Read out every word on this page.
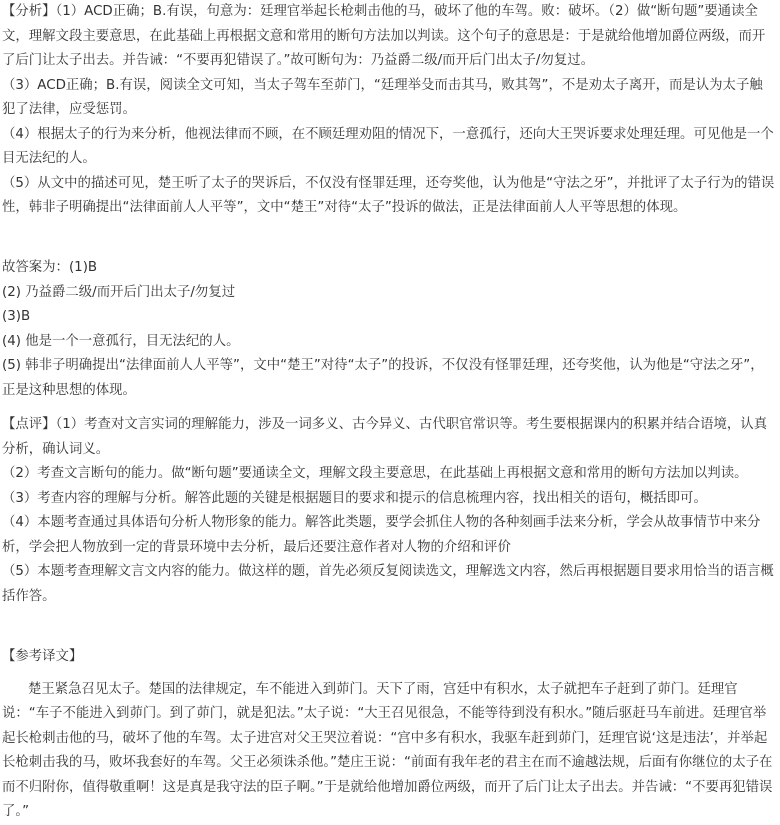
【分析】（1）ACD正确；B.有误，句意为：廷理官举起长枪刺击他的马，破坏了他的车驾。败：破坏。（2）做“断句题”要通读全文，理解文段主要意思，在此基础上再根据文意和常用的断句方法加以判读。这个句子的意思是：于是就给他增加爵位两级，而开了后门让太子出去。并告诫：“不要再犯错误了。”故可断句为：乃益爵二级/而开后门出太子/勿复过。

（3）ACD正确；B.有误，阅读全文可知，当太子驾车至茆门，“廷理举殳而击其马，败其驾”，不是劝太子离开，而是认为太子触犯了法律，应受惩罚。

（4）根据太子的行为来分析，他视法律而不顾，在不顾廷理劝阻的情况下，一意孤行，还向大王哭诉要求处理廷理。可见他是一个目无法纪的人。

（5）从文中的描述可见，楚王听了太子的哭诉后，不仅没有怪罪廷理，还夸奖他，认为他是“守法之牙”，并批评了太子行为的错误性，韩非子明确提出“法律面前人人平等”，文中“楚王”对待“太子”投诉的做法，正是法律面前人人平等思想的体现。

故答案为：(1)B

(2) 乃益爵二级/而开后门出太子/勿复过

(3)B

(4) 他是一个一意孤行，目无法纪的人。

(5) 韩非子明确提出“法律面前人人平等”，文中“楚王”对待“太子”的投诉，不仅没有怪罪廷理，还夸奖他，认为他是“守法之牙”，正是这种思想的体现。

【点评】（1）考查对文言实词的理解能力，涉及一词多义、古今异义、古代职官常识等。考生要根据课内的积累并结合语境，认真分析，确认词义。

（2）考查文言断句的能力。做“断句题”要通读全文，理解文段主要意思，在此基础上再根据文意和常用的断句方法加以判读。

（3）考查内容的理解与分析。解答此题的关键是根据题目的要求和提示的信息梳理内容，找出相关的语句，概括即可。

（4）本题考查通过具体语句分析人物形象的能力。解答此类题，要学会抓住人物的各种刻画手法来分析，学会从故事情节中来分析，学会把人物放到一定的背景环境中去分析，最后还要注意作者对人物的介绍和评价

（5）本题考查理解文言文内容的能力。做这样的题，首先必须反复阅读选文，理解选文内容，然后再根据题目要求用恰当的语言概括作答。

【参考译文】

楚王紧急召见太子。楚国的法律规定，车不能进入到茆门。天下了雨，宫廷中有积水，太子就把车子赶到了茆门。廷理官说：“车子不能进入到茆门。到了茆门，就是犯法。”太子说：“大王召见很急，不能等待到没有积水。”随后驱赶马车前进。廷理官举起长枪刺击他的马，破坏了他的车驾。太子进宫对父王哭泣着说：“宫中多有积水，我驱车赶到茆门，廷理官说‘这是违法’，并举起长枪刺击我的马，败坏我套好的车驾。父王必须诛杀他。”楚庄王说：“前面有我年老的君主在而不逾越法规，后面有你继位的太子在而不归附你，值得敬重啊！这是真是我守法的臣子啊。”于是就给他增加爵位两级，而开了后门让太子出去。并告诫：“不要再犯错误了。”
